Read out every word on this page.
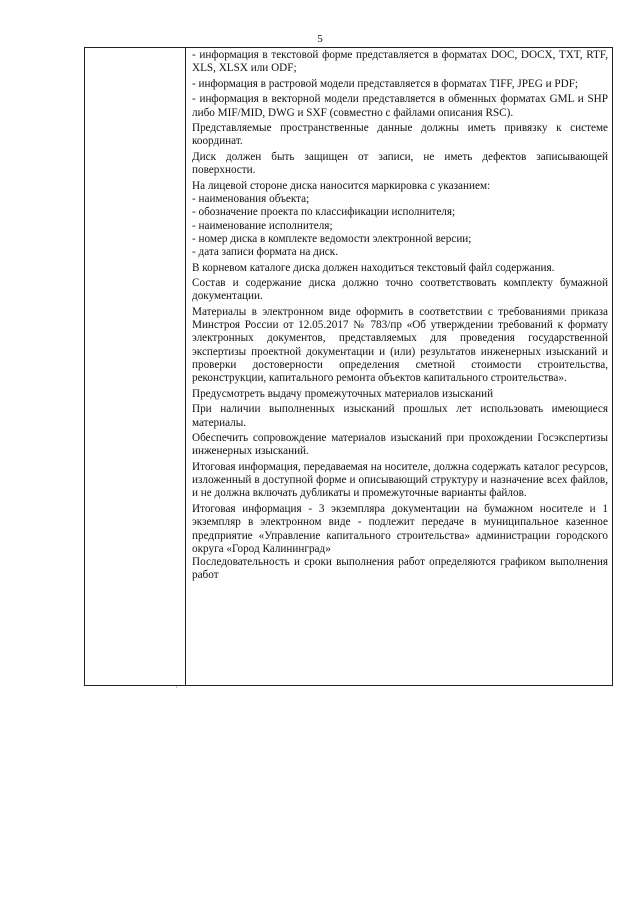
5

- информация в текстовой форме представляется в форматах DOC, DOCX, TXT, RTF, XLS, XLSX или ODF;

- информация в растровой модели представляется в форматах TIFF, JPEG и PDF;

- информация в векторной модели представляется в обменных форматах GML и SHP либо MIF/MID, DWG и SXF (совместно с файлами описания RSC).

Представляемые пространственные данные должны иметь привязку к системе координат.

Диск должен быть защищен от записи, не иметь дефектов записывающей поверхности.

На лицевой стороне диска наносится маркировка с указанием:

- наименования объекта;

- обозначение проекта по классификации исполнителя;

- наименование исполнителя;

- номер диска в комплекте ведомости электронной версии;

- дата записи формата на диск.

В корневом каталоге диска должен находиться текстовый файл содержания.

Состав и содержание диска должно точно соответствовать комплекту бумажной документации.

Материалы в электронном виде оформить в соответствии с требованиями приказа Минстроя России от 12.05.2017 № 783/пр «Об утверждении требований к формату электронных документов, представляемых для проведения государственной экспертизы проектной документации и (или) результатов инженерных изысканий и проверки достоверности определения сметной стоимости строительства, реконструкции, капитального ремонта объектов капитального строительства».

Предусмотреть выдачу промежуточных материалов изысканий

При наличии выполненных изысканий прошлых лет использовать имеющиеся материалы.

Обеспечить сопровождение материалов изысканий при прохождении Госэкспертизы инженерных изысканий.

Итоговая информация, передаваемая на носителе, должна содержать каталог ресурсов, изложенный в доступной форме и описывающий структуру и назначение всех файлов, и не должна включать дубликаты и промежуточные варианты файлов.

Итоговая информация - 3 экземпляра документации на бумажном носителе и 1 экземпляр в электронном виде - подлежит передаче в муниципальное казенное предприятие «Управление капитального строительства» администрации городского округа «Город Калининград»

Последовательность и сроки выполнения работ определяются графиком выполнения работ
